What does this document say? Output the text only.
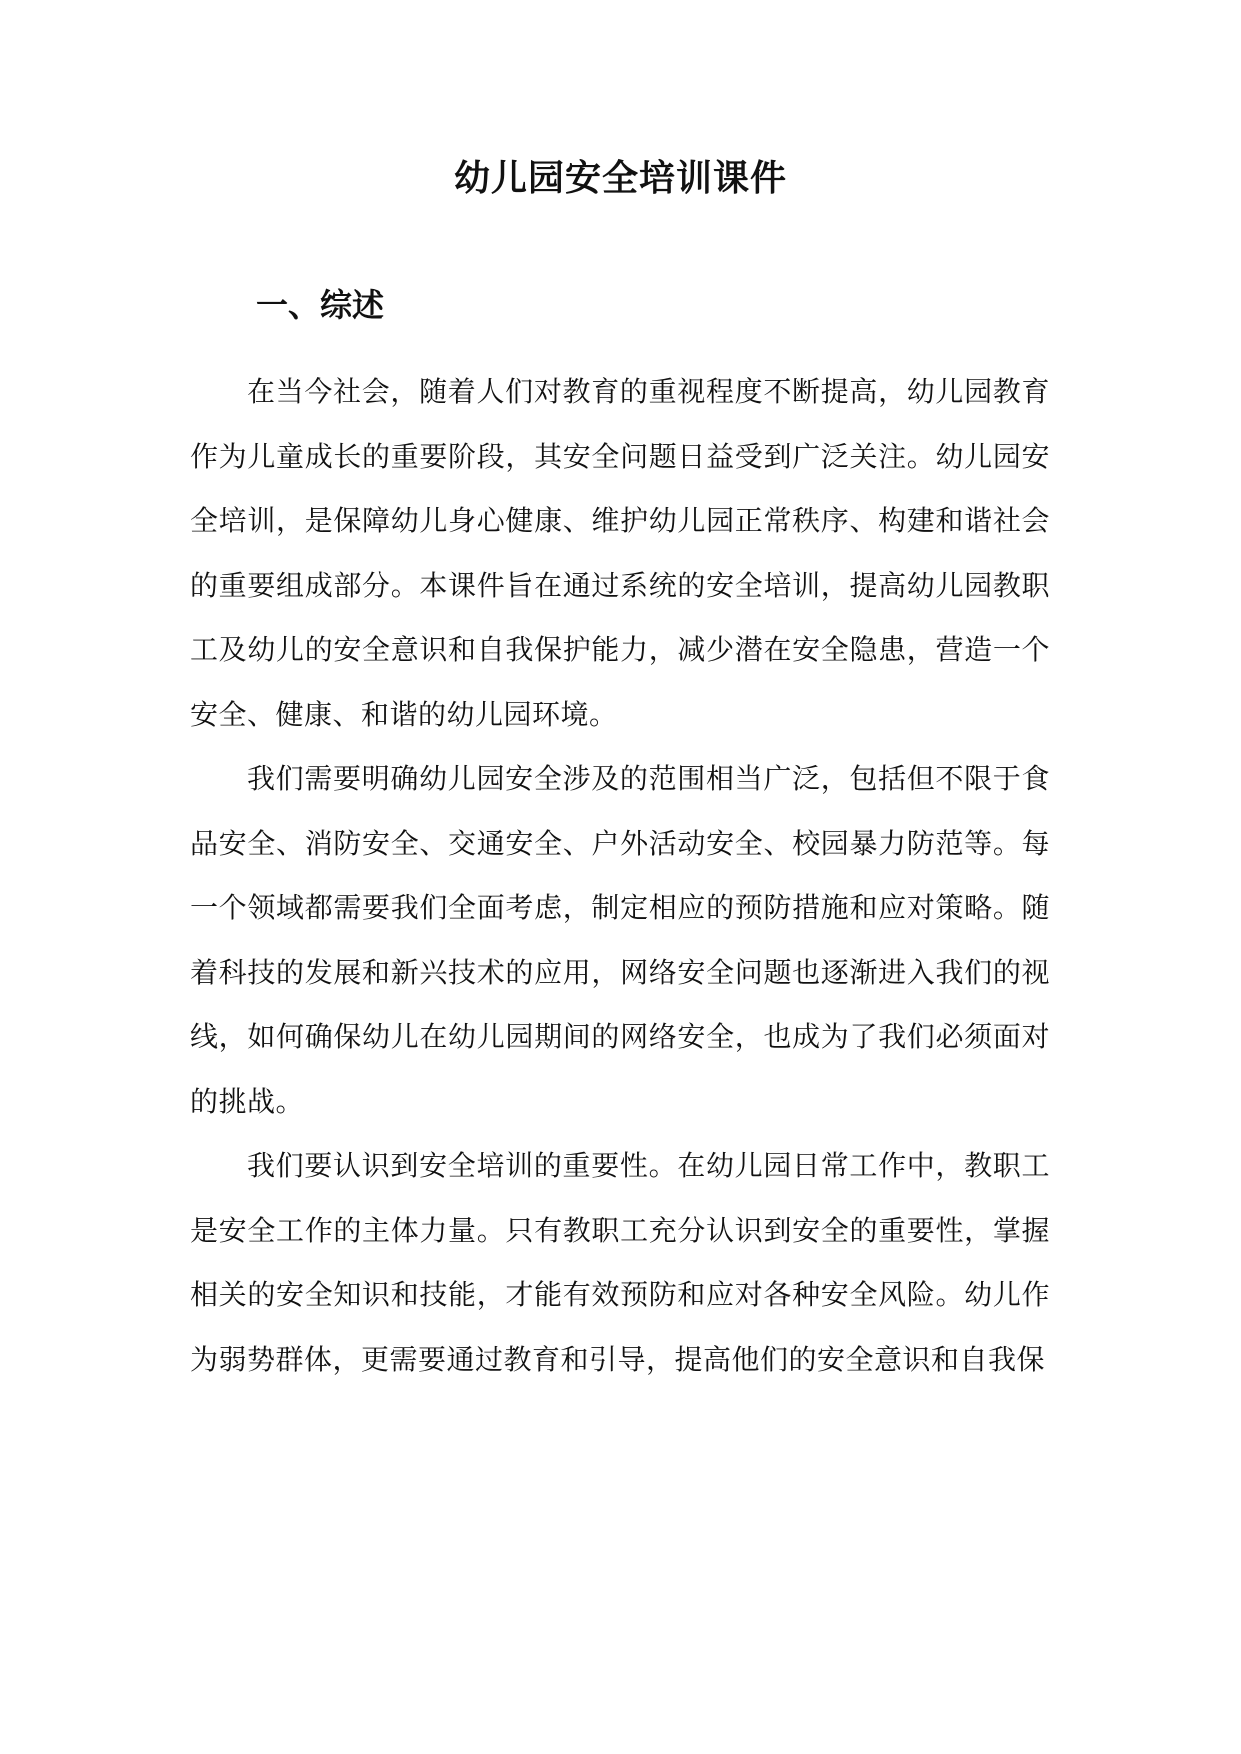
幼儿园安全培训课件
一、综述

在当今社会，随着人们对教育的重视程度不断提高，幼儿园教育作为儿童成长的重要阶段，其安全问题日益受到广泛关注。幼儿园安全培训，是保障幼儿身心健康、维护幼儿园正常秩序、构建和谐社会的重要组成部分。本课件旨在通过系统的安全培训，提高幼儿园教职工及幼儿的安全意识和自我保护能力，减少潜在安全隐患，营造一个安全、健康、和谐的幼儿园环境。

我们需要明确幼儿园安全涉及的范围相当广泛，包括但不限于食品安全、消防安全、交通安全、户外活动安全、校园暴力防范等。每一个领域都需要我们全面考虑，制定相应的预防措施和应对策略。随着科技的发展和新兴技术的应用，网络安全问题也逐渐进入我们的视线，如何确保幼儿在幼儿园期间的网络安全，也成为了我们必须面对的挑战。

我们要认识到安全培训的重要性。在幼儿园日常工作中，教职工是安全工作的主体力量。只有教职工充分认识到安全的重要性，掌握相关的安全知识和技能，才能有效预防和应对各种安全风险。幼儿作为弱势群体，更需要通过教育和引导，提高他们的安全意识和自我保
